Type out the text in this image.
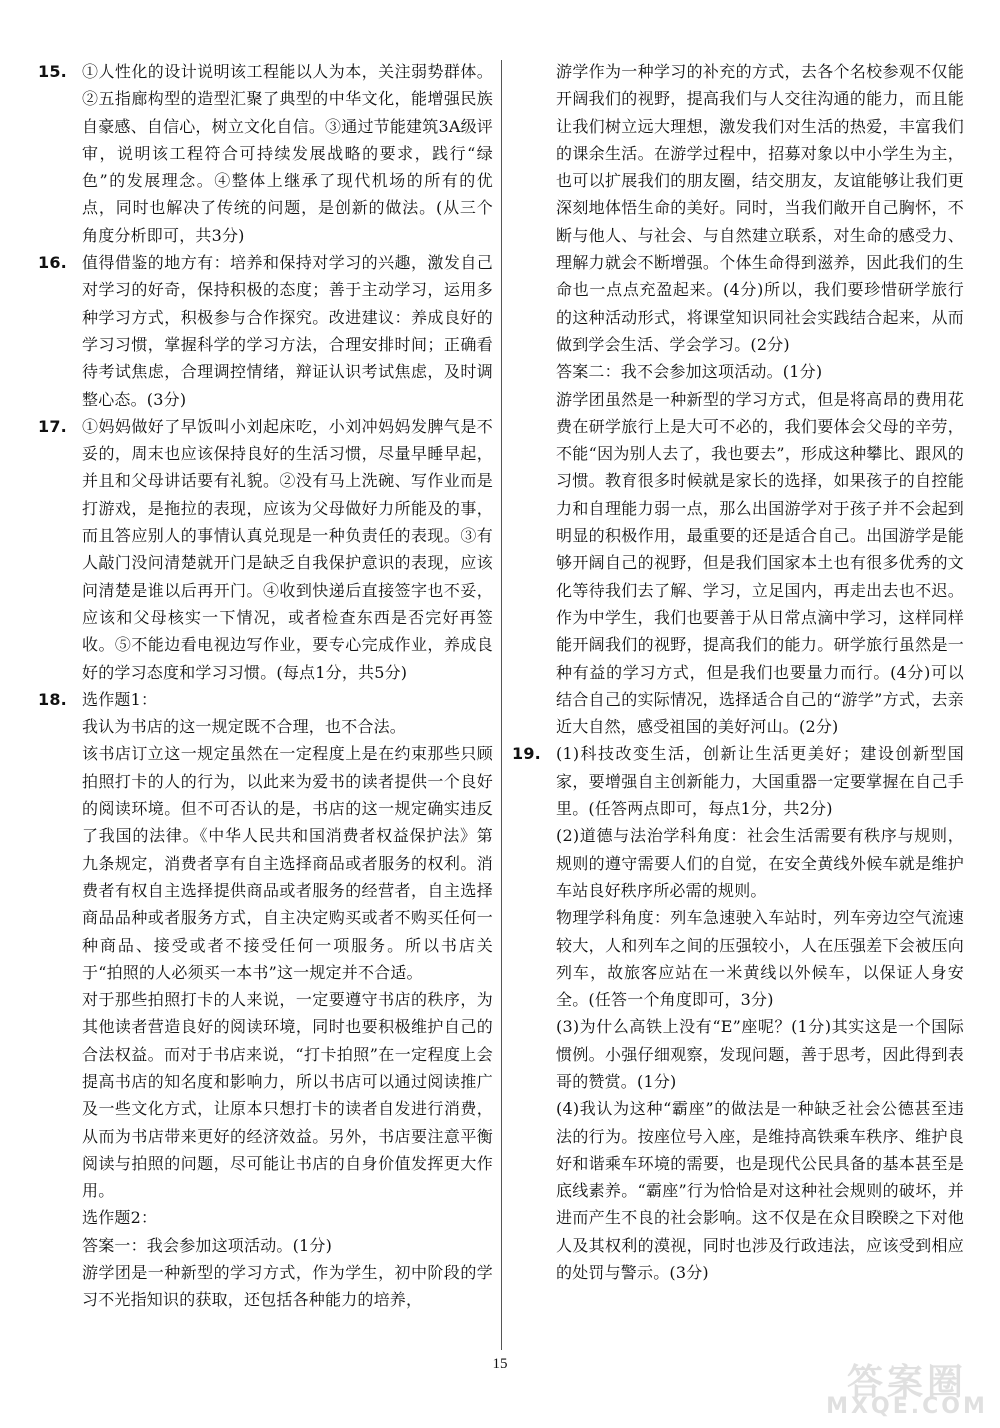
15. ①人性化的设计说明该工程能以人为本，关注弱势群体。②五指廊构型的造型汇聚了典型的中华文化，能增强民族自豪感、自信心，树立文化自信。③通过节能建筑3A级评审，说明该工程符合可持续发展战略的要求，践行“绿色”的发展理念。④整体上继承了现代机场的所有的优点，同时也解决了传统的问题，是创新的做法。(从三个角度分析即可，共3分)
16. 值得借鉴的地方有：培养和保持对学习的兴趣，激发自己对学习的好奇，保持积极的态度；善于主动学习，运用多种学习方式，积极参与合作探究。改进建议：养成良好的学习习惯，掌握科学的学习方法，合理安排时间；正确看待考试焦虑，合理调控情绪，辩证认识考试焦虑，及时调整心态。(3分)
17. ①妈妈做好了早饭叫小刘起床吃，小刘冲妈妈发脾气是不妥的，周末也应该保持良好的生活习惯，尽量早睡早起，并且和父母讲话要有礼貌。②没有马上洗碗、写作业而是打游戏，是拖拉的表现，应该为父母做好力所能及的事，而且答应别人的事情认真兑现是一种负责任的表现。③有人敲门没问清楚就开门是缺乏自我保护意识的表现，应该问清楚是谁以后再开门。④收到快递后直接签字也不妥，应该和父母核实一下情况，或者检查东西是否完好再签收。⑤不能边看电视边写作业，要专心完成作业，养成良好的学习态度和学习习惯。(每点1分，共5分)
18. 选作题1：
我认为书店的这一规定既不合理，也不合法。
该书店订立这一规定虽然在一定程度上是在约束那些只顾拍照打卡的人的行为，以此来为爱书的读者提供一个良好的阅读环境。但不可否认的是，书店的这一规定确实违反了我国的法律。《中华人民共和国消费者权益保护法》第九条规定，消费者享有自主选择商品或者服务的权利。消费者有权自主选择提供商品或者服务的经营者，自主选择商品品种或者服务方式，自主决定购买或者不购买任何一种商品、接受或者不接受任何一项服务。所以书店关于“拍照的人必须买一本书”这一规定并不合适。
对于那些拍照打卡的人来说，一定要遵守书店的秩序，为其他读者营造良好的阅读环境，同时也要积极维护自己的合法权益。而对于书店来说，“打卡拍照”在一定程度上会提高书店的知名度和影响力，所以书店可以通过阅读推广及一些文化方式，让原本只想打卡的读者自发进行消费，从而为书店带来更好的经济效益。另外，书店要注意平衡阅读与拍照的问题，尽可能让书店的自身价值发挥更大作用。
选作题2：
答案一：我会参加这项活动。(1分)
游学团是一种新型的学习方式，作为学生，初中阶段的学习不光指知识的获取，还包括各种能力的培养，
游学作为一种学习的补充的方式，去各个名校参观不仅能开阔我们的视野，提高我们与人交往沟通的能力，而且能让我们树立远大理想，激发我们对生活的热爱，丰富我们的课余生活。在游学过程中，招募对象以中小学生为主，也可以扩展我们的朋友圈，结交朋友，友谊能够让我们更深刻地体悟生命的美好。同时，当我们敞开自己胸怀，不断与他人、与社会、与自然建立联系，对生命的感受力、理解力就会不断增强。个体生命得到滋养，因此我们的生命也一点点充盈起来。(4分)所以，我们要珍惜研学旅行的这种活动形式，将课堂知识同社会实践结合起来，从而做到学会生活、学会学习。(2分)
答案二：我不会参加这项活动。(1分)
游学团虽然是一种新型的学习方式，但是将高昂的费用花费在研学旅行上是大可不必的，我们要体会父母的辛劳，不能“因为别人去了，我也要去”，形成这种攀比、跟风的习惯。教育很多时候就是家长的选择，如果孩子的自控能力和自理能力弱一点，那么出国游学对于孩子并不会起到明显的积极作用，最重要的还是适合自己。出国游学是能够开阔自己的视野，但是我们国家本土也有很多优秀的文化等待我们去了解、学习，立足国内，再走出去也不迟。作为中学生，我们也要善于从日常点滴中学习，这样同样能开阔我们的视野，提高我们的能力。研学旅行虽然是一种有益的学习方式，但是我们也要量力而行。(4分)可以结合自己的实际情况，选择适合自己的“游学”方式，去亲近大自然，感受祖国的美好河山。(2分)
19. (1)科技改变生活，创新让生活更美好；建设创新型国家，要增强自主创新能力，大国重器一定要掌握在自己手里。(任答两点即可，每点1分，共2分)
(2)道德与法治学科角度：社会生活需要有秩序与规则，规则的遵守需要人们的自觉，在安全黄线外候车就是维护车站良好秩序所必需的规则。
物理学科角度：列车急速驶入车站时，列车旁边空气流速较大，人和列车之间的压强较小，人在压强差下会被压向列车，故旅客应站在一米黄线以外候车，以保证人身安全。(任答一个角度即可，3分)
(3)为什么高铁上没有“E”座呢？(1分)其实这是一个国际惯例。小强仔细观察，发现问题，善于思考，因此得到表哥的赞赏。(1分)
(4)我认为这种“霸座”的做法是一种缺乏社会公德甚至违法的行为。按座位号入座，是维持高铁乘车秩序、维护良好和谐乘车环境的需要，也是现代公民具备的基本甚至是底线素养。“霸座”行为恰恰是对这种社会规则的破坏，并进而产生不良的社会影响。这不仅是在众目睽睽之下对他人及其权利的漠视，同时也涉及行政违法，应该受到相应的处罚与警示。(3分)
15	答案圈
MXQE.COM
